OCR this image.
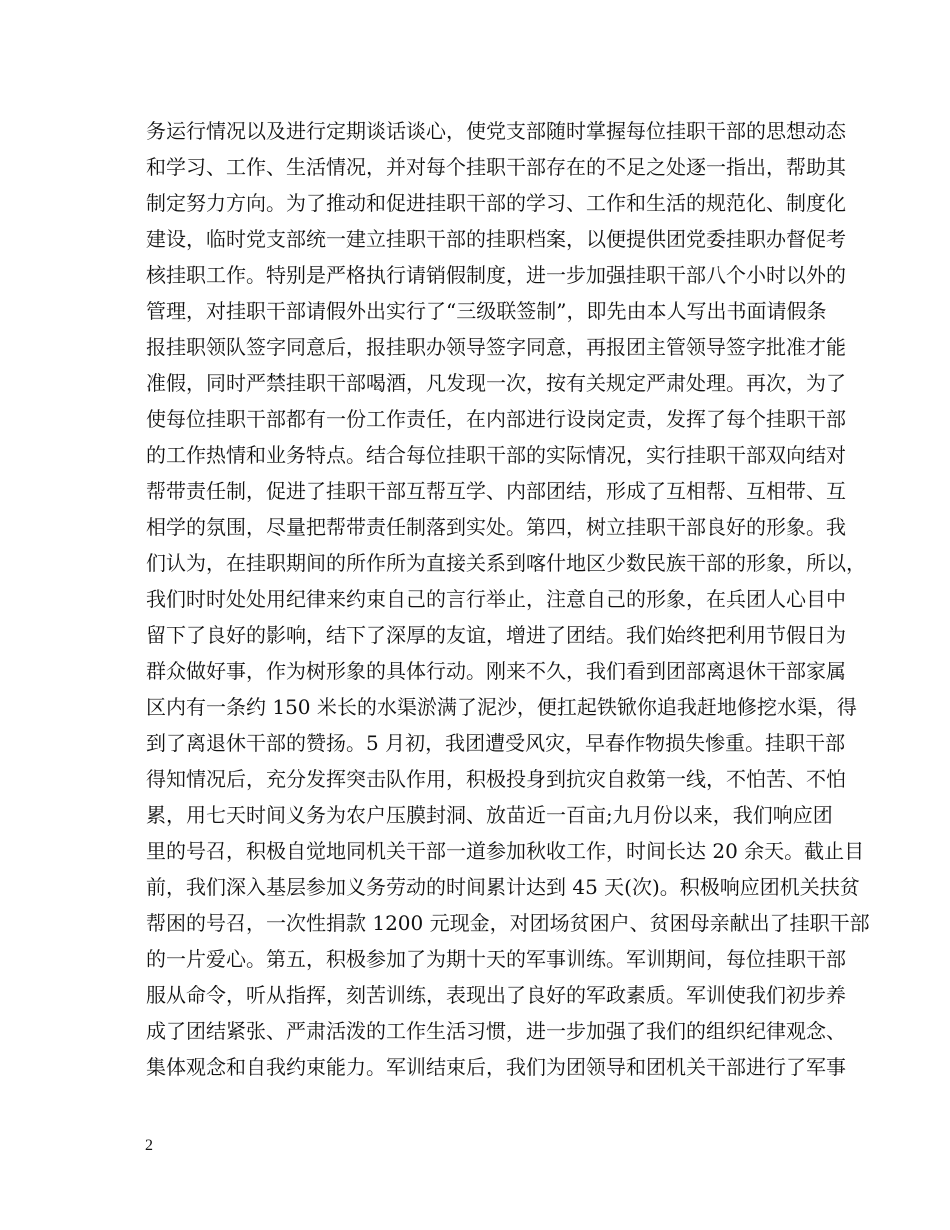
务运行情况以及进行定期谈话谈心，使党支部随时掌握每位挂职干部的思想动态
和学习、工作、生活情况，并对每个挂职干部存在的不足之处逐一指出，帮助其
制定努力方向。为了推动和促进挂职干部的学习、工作和生活的规范化、制度化
建设，临时党支部统一建立挂职干部的挂职档案，以便提供团党委挂职办督促考
核挂职工作。特别是严格执行请销假制度，进一步加强挂职干部八个小时以外的
管理，对挂职干部请假外出实行了“三级联签制”，即先由本人写出书面请假条
报挂职领队签字同意后，报挂职办领导签字同意，再报团主管领导签字批准才能
准假，同时严禁挂职干部喝酒，凡发现一次，按有关规定严肃处理。再次，为了
使每位挂职干部都有一份工作责任，在内部进行设岗定责，发挥了每个挂职干部
的工作热情和业务特点。结合每位挂职干部的实际情况，实行挂职干部双向结对
帮带责任制，促进了挂职干部互帮互学、内部团结，形成了互相帮、互相带、互
相学的氛围，尽量把帮带责任制落到实处。第四，树立挂职干部良好的形象。我
们认为，在挂职期间的所作所为直接关系到喀什地区少数民族干部的形象，所以，
我们时时处处用纪律来约束自己的言行举止，注意自己的形象，在兵团人心目中
留下了良好的影响，结下了深厚的友谊，增进了团结。我们始终把利用节假日为
群众做好事，作为树形象的具体行动。刚来不久，我们看到团部离退休干部家属
区内有一条约 150 米长的水渠淤满了泥沙，便扛起铁锨你追我赶地修挖水渠，得
到了离退休干部的赞扬。5 月初，我团遭受风灾，早春作物损失惨重。挂职干部
得知情况后，充分发挥突击队作用，积极投身到抗灾自救第一线，不怕苦、不怕
累，用七天时间义务为农户压膜封洞、放苗近一百亩;九月份以来，我们响应团
里的号召，积极自觉地同机关干部一道参加秋收工作，时间长达 20 余天。截止目
前，我们深入基层参加义务劳动的时间累计达到 45 天(次)。积极响应团机关扶贫
帮困的号召，一次性捐款 1200 元现金，对团场贫困户、贫困母亲献出了挂职干部
的一片爱心。第五，积极参加了为期十天的军事训练。军训期间，每位挂职干部
服从命令，听从指挥，刻苦训练，表现出了良好的军政素质。军训使我们初步养
成了团结紧张、严肃活泼的工作生活习惯，进一步加强了我们的组织纪律观念、
集体观念和自我约束能力。军训结束后，我们为团领导和团机关干部进行了军事
2
